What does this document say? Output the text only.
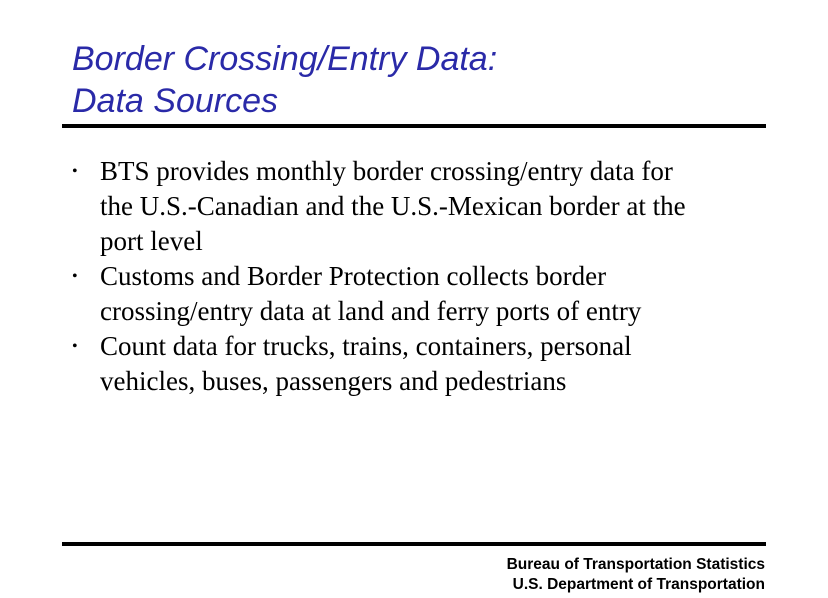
Border Crossing/Entry Data:
Data Sources
• BTS provides monthly border crossing/entry data for
the U.S.-Canadian and the U.S.-Mexican border at the
port level
• Customs and Border Protection collects border
crossing/entry data at land and ferry ports of entry
• Count data for trucks, trains, containers, personal
vehicles, buses, passengers and pedestrians
Bureau of Transportation Statistics
U.S. Department of Transportation
